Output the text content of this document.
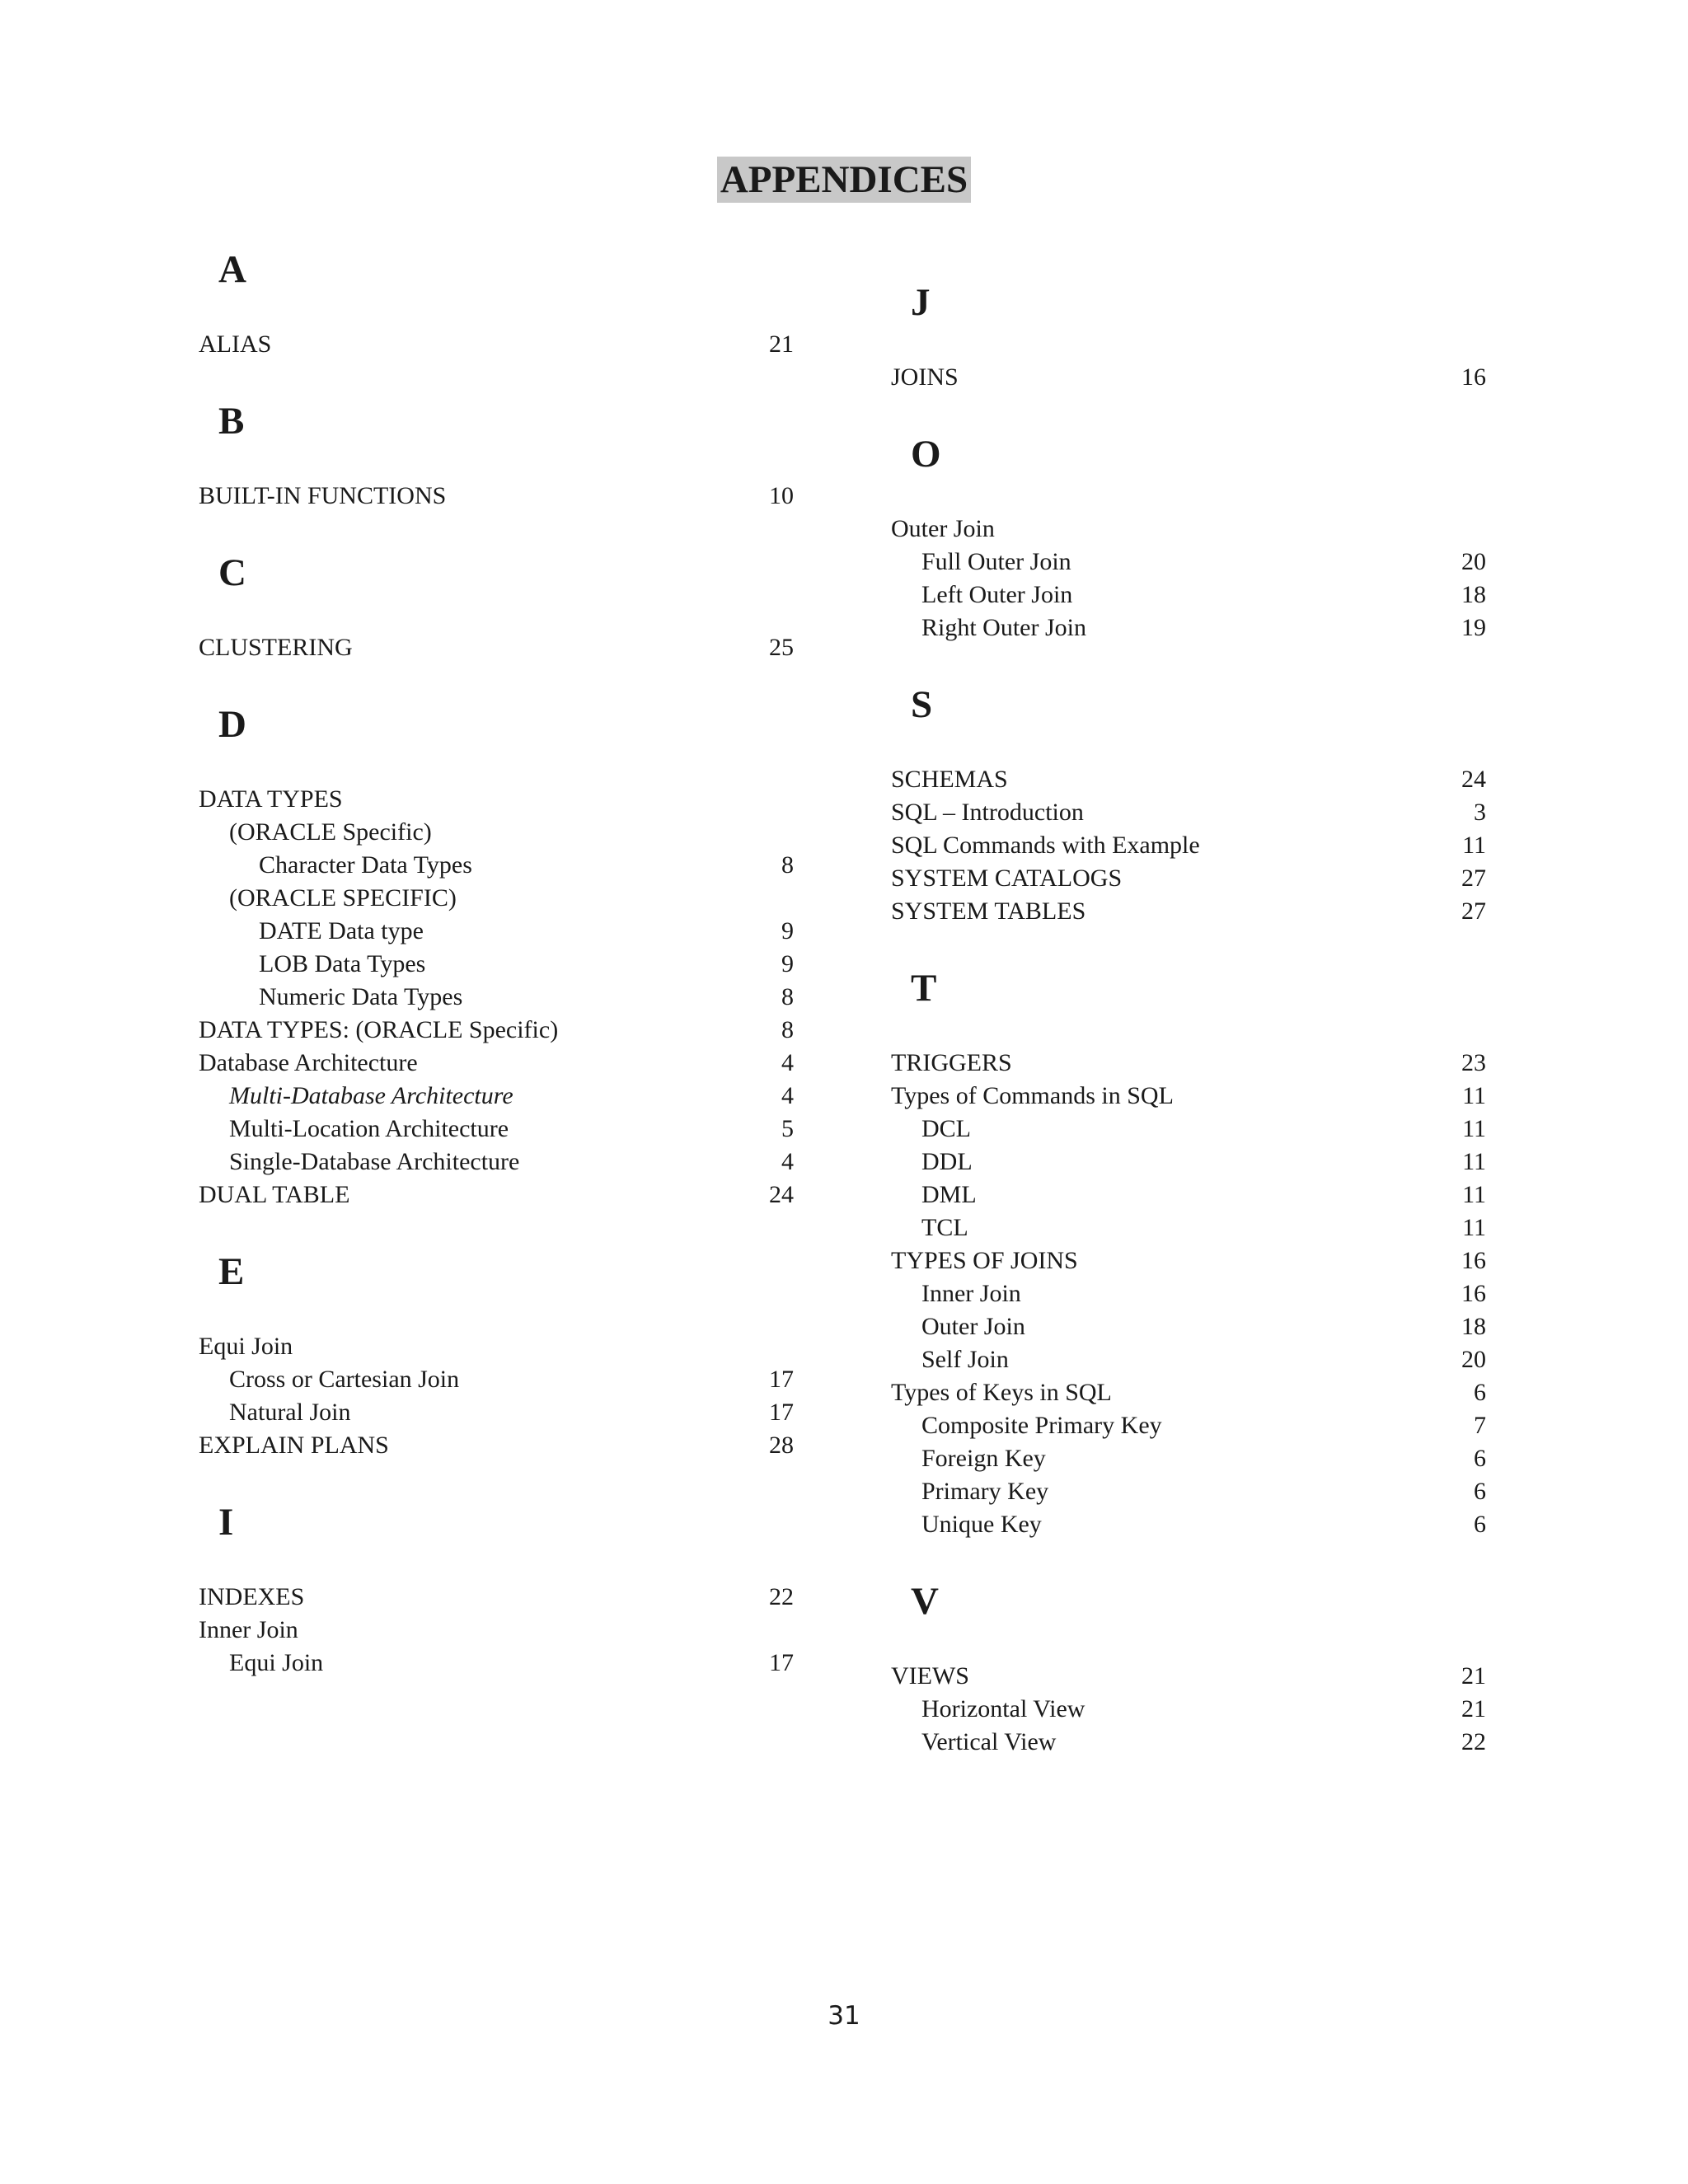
APPENDICES
A
ALIAS	21
B
BUILT-IN FUNCTIONS	10
C
CLUSTERING	25
D
DATA TYPES
(ORACLE Specific)
Character Data Types	8
(ORACLE SPECIFIC)
DATE Data type	9
LOB Data Types	9
Numeric Data Types	8
DATA TYPES: (ORACLE Specific)	8
Database Architecture	4
Multi-Database Architecture	4
Multi-Location Architecture	5
Single-Database Architecture	4
DUAL TABLE	24
E
Equi Join
Cross or Cartesian Join	17
Natural Join	17
EXPLAIN PLANS	28
I
INDEXES	22
Inner Join
Equi Join	17
J
JOINS	16
O
Outer Join
Full Outer Join	20
Left Outer Join	18
Right Outer Join	19
S
SCHEMAS	24
SQL – Introduction	3
SQL Commands with Example	11
SYSTEM CATALOGS	27
SYSTEM TABLES	27
T
TRIGGERS	23
Types of Commands in SQL	11
DCL	11
DDL	11
DML	11
TCL	11
TYPES OF JOINS	16
Inner Join	16
Outer Join	18
Self Join	20
Types of Keys in SQL	6
Composite Primary Key	7
Foreign Key	6
Primary Key	6
Unique Key	6
V
VIEWS	21
Horizontal View	21
Vertical View	22
31
